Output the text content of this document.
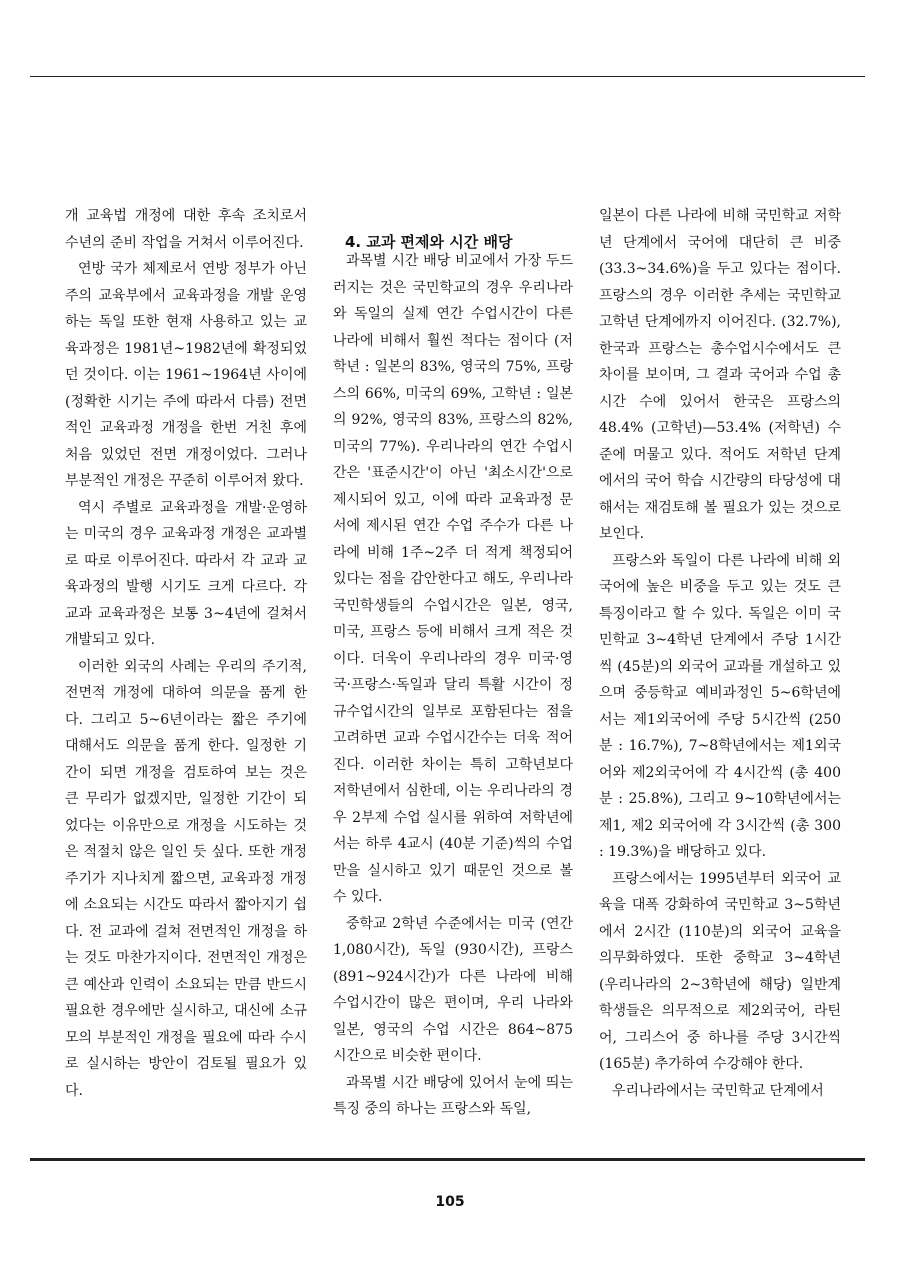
개 교육법 개정에 대한 후속 조치로서 수년의 준비 작업을 거쳐서 이루어진다.

연방 국가 체제로서 연방 정부가 아닌 주의 교육부에서 교육과정을 개발 운영하는 독일 또한 현재 사용하고 있는 교육과정은 1981년~1982년에 확정되었던 것이다. 이는 1961~1964년 사이에 (정확한 시기는 주에 따라서 다름) 전면적인 교육과정 개정을 한번 거친 후에 처음 있었던 전면 개정이었다. 그러나 부분적인 개정은 꾸준히 이루어져 왔다.

역시 주별로 교육과정을 개발·운영하는 미국의 경우 교육과정 개정은 교과별로 따로 이루어진다. 따라서 각 교과 교육과정의 발행 시기도 크게 다르다. 각 교과 교육과정은 보통 3~4년에 걸쳐서 개발되고 있다.

이러한 외국의 사례는 우리의 주기적, 전면적 개정에 대하여 의문을 품게 한다. 그리고 5~6년이라는 짧은 주기에 대해서도 의문을 품게 한다. 일정한 기간이 되면 개정을 검토하여 보는 것은 큰 무리가 없겠지만, 일정한 기간이 되었다는 이유만으로 개정을 시도하는 것은 적절치 않은 일인 듯 싶다. 또한 개정 주기가 지나치게 짧으면, 교육과정 개정에 소요되는 시간도 따라서 짧아지기 쉽다. 전 교과에 걸쳐 전면적인 개정을 하는 것도 마찬가지이다. 전면적인 개정은 큰 예산과 인력이 소요되는 만큼 반드시 필요한 경우에만 실시하고, 대신에 소규모의 부분적인 개정을 필요에 따라 수시로 실시하는 방안이 검토될 필요가 있다.

4. 교과 편제와 시간 배당

과목별 시간 배당 비교에서 가장 두드러지는 것은 국민학교의 경우 우리나라와 독일의 실제 연간 수업시간이 다른 나라에 비해서 훨씬 적다는 점이다 (저학년 : 일본의 83%, 영국의 75%, 프랑스의 66%, 미국의 69%, 고학년 : 일본의 92%, 영국의 83%, 프랑스의 82%, 미국의 77%). 우리나라의 연간 수업시간은 '표준시간'이 아닌 '최소시간'으로 제시되어 있고, 이에 따라 교육과정 문서에 제시된 연간 수업 주수가 다른 나라에 비해 1주~2주 더 적게 책정되어 있다는 점을 감안한다고 해도, 우리나라 국민학생들의 수업시간은 일본, 영국, 미국, 프랑스 등에 비해서 크게 적은 것이다. 더욱이 우리나라의 경우 미국·영국·프랑스·독일과 달리 특활 시간이 정규수업시간의 일부로 포함된다는 점을 고려하면 교과 수업시간수는 더욱 적어진다. 이러한 차이는 특히 고학년보다 저학년에서 심한데, 이는 우리나라의 경우 2부제 수업 실시를 위하여 저학년에서는 하루 4교시 (40분 기준)씩의 수업만을 실시하고 있기 때문인 것으로 볼 수 있다.

중학교 2학년 수준에서는 미국 (연간 1,080시간), 독일 (930시간), 프랑스 (891~924시간)가 다른 나라에 비해 수업시간이 많은 편이며, 우리 나라와 일본, 영국의 수업 시간은 864~875 시간으로 비슷한 편이다.

과목별 시간 배당에 있어서 눈에 띄는 특징 중의 하나는 프랑스와 독일,

일본이 다른 나라에 비해 국민학교 저학년 단계에서 국어에 대단히 큰 비중 (33.3~34.6%)을 두고 있다는 점이다. 프랑스의 경우 이러한 추세는 국민학교 고학년 단계에까지 이어진다. (32.7%), 한국과 프랑스는 총수업시수에서도 큰 차이를 보이며, 그 결과 국어과 수업 총 시간 수에 있어서 한국은 프랑스의 48.4% (고학년)—53.4% (저학년) 수준에 머물고 있다. 적어도 저학년 단계에서의 국어 학습 시간량의 타당성에 대해서는 재검토해 볼 필요가 있는 것으로 보인다.

프랑스와 독일이 다른 나라에 비해 외국어에 높은 비중을 두고 있는 것도 큰 특징이라고 할 수 있다. 독일은 이미 국민학교 3~4학년 단계에서 주당 1시간씩 (45분)의 외국어 교과를 개설하고 있으며 중등학교 예비과정인 5~6학년에서는 제1외국어에 주당 5시간씩 (250분 : 16.7%), 7~8학년에서는 제1외국어와 제2외국어에 각 4시간씩 (총 400분 : 25.8%), 그리고 9~10학년에서는 제1, 제2 외국어에 각 3시간씩 (총 300 : 19.3%)을 배당하고 있다.

프랑스에서는 1995년부터 외국어 교육을 대폭 강화하여 국민학교 3~5학년에서 2시간 (110분)의 외국어 교육을 의무화하였다. 또한 중학교 3~4학년 (우리나라의 2~3학년에 해당) 일반계 학생들은 의무적으로 제2외국어, 라틴어, 그리스어 중 하나를 주당 3시간씩 (165분) 추가하여 수강해야 한다.

우리나라에서는 국민학교 단계에서

105
